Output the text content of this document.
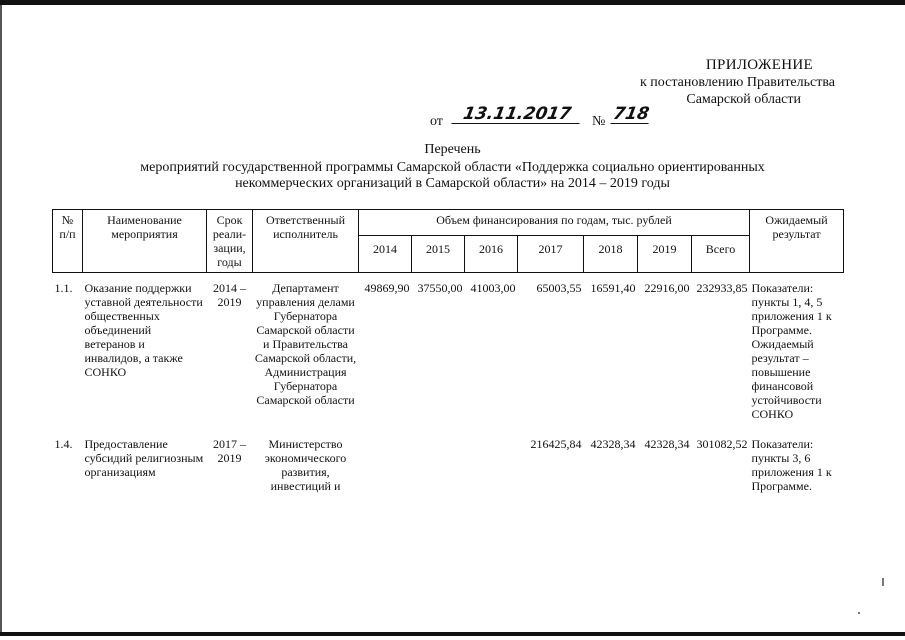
ПРИЛОЖЕНИЕ
к постановлению Правительства
Самарской области
от	13.11.2017	№ 718
Перечень
мероприятий государственной программы Самарской области «Поддержка социально ориентированных
некоммерческих организаций в Самарской области» на 2014 – 2019 годы
№ п/п	Наименование мероприятия	Срок реали-зации, годы	Ответственный исполнитель	Объем финансирования по годам, тыс. рублей							Ожидаемый результат
				2014	2015	2016	2017	2018	2019	Всего	
1.1.	Оказание поддержки уставной деятельности общественных объединений ветеранов и инвалидов, а также СОНКО	2014 – 2019	Департамент управления делами Губернатора Самарской области и Правительства Самарской области, Администрация Губернатора Самарской области	49869,90	37550,00	41003,00	65003,55	16591,40	22916,00	232933,85	Показатели: пункты 1, 4, 5 приложения 1 к Программе. Ожидаемый результат – повышение финансовой устойчивости СОНКО
1.4.	Предоставление субсидий религиозным организациям	2017 – 2019	Министерство экономического развития, инвестиций и				216425,84	42328,34	42328,34	301082,52	Показатели: пункты 3, 6 приложения 1 к Программе.
